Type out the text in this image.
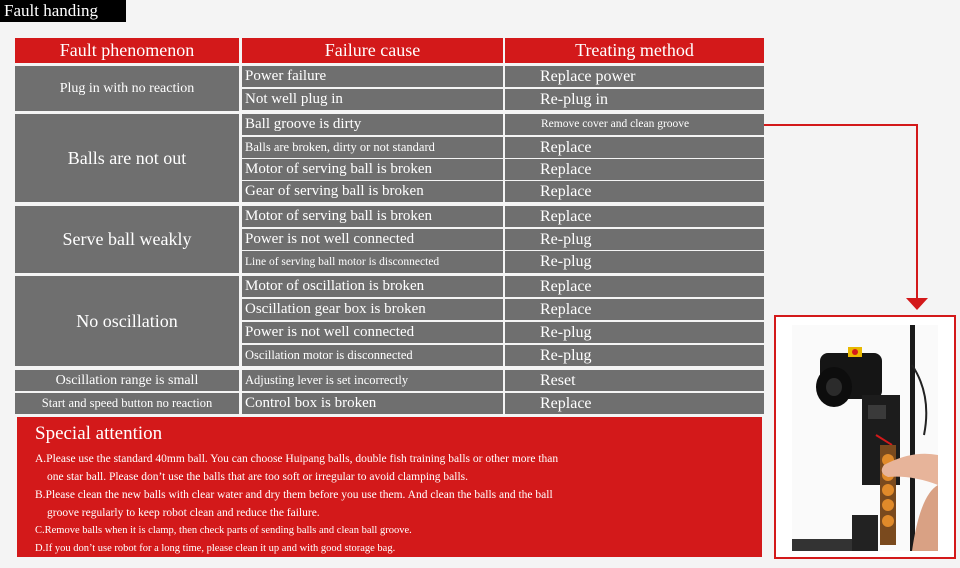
Fault handing
Fault phenomenon	Failure cause	Treating method
Plug in with no reaction
Power failure	Replace power
Not well plug in	Re-plug in
Balls are not out
Ball groove is dirty	Remove cover and clean groove
Balls are broken, dirty or not standard	Replace
Motor of serving ball is broken	Replace
Gear of serving ball is broken	Replace
Serve ball weakly
Motor of serving ball is broken	Replace
Power is not well connected	Re-plug
Line of serving ball motor is disconnected	Re-plug
No oscillation
Motor of oscillation is broken	Replace
Oscillation gear box is broken	Replace
Power is not well connected	Re-plug
Oscillation motor is disconnected	Re-plug
Oscillation range is small	Adjusting lever is set incorrectly	Reset
Start and speed button no reaction	Control box is broken	Replace
Special attention
A.Please use the standard 40mm ball. You can choose Huipang balls, double fish training balls or other more than
one star ball. Please don’t use the balls that are too soft or irregular to avoid clamping balls.
B.Please clean the new balls with clear water and dry them before you use them. And clean the balls and the ball
groove regularly to keep robot clean and reduce the failure.
C.Remove balls when it is clamp, then check parts of sending balls and clean ball groove.
D.If you don’t use robot for a long time, please clean it up and with good storage bag.
